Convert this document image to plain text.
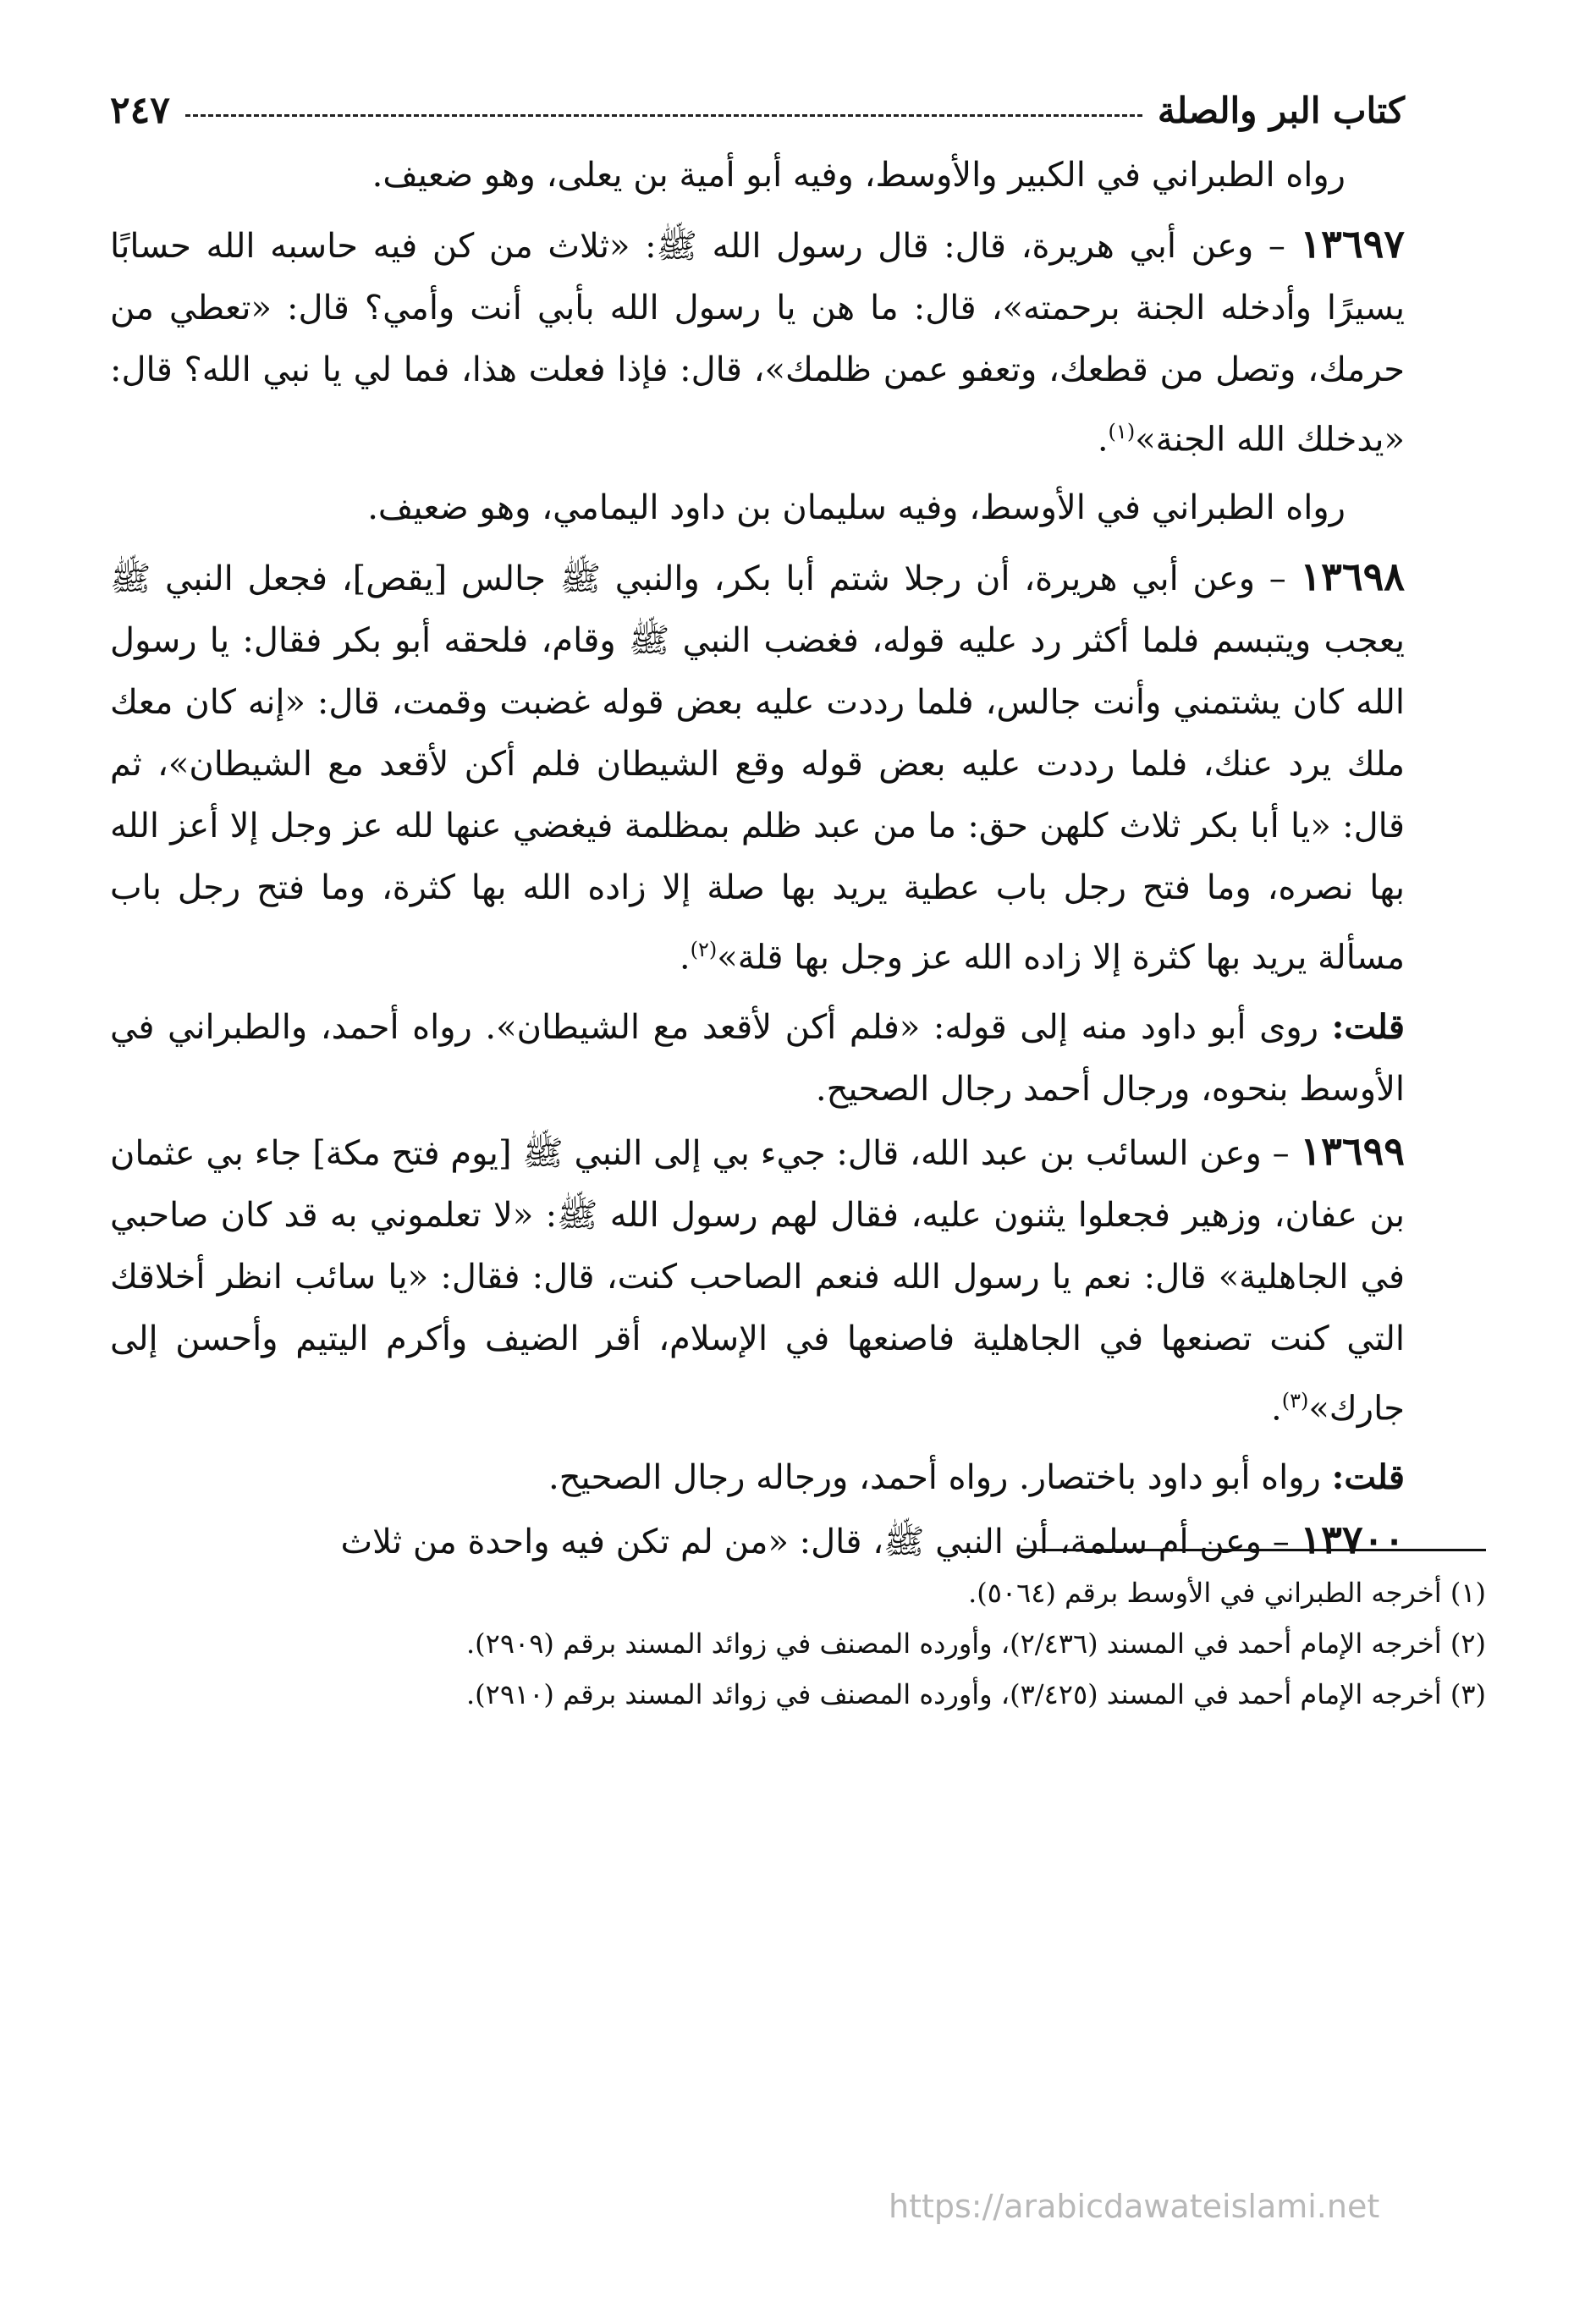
كتاب البر والصلة
٢٤٧

رواه الطبراني في الكبير والأوسط، وفيه أبو أمية بن يعلى، وهو ضعيف.

١٣٦٩٧ – وعن أبي هريرة، قال: قال رسول الله ﷺ: «ثلاث من كن فيه حاسبه الله حسابًا يسيرًا وأدخله الجنة برحمته»، قال: ما هن يا رسول الله بأبي أنت وأمي؟ قال: «تعطي من حرمك، وتصل من قطعك، وتعفو عمن ظلمك»، قال: فإذا فعلت هذا، فما لي يا نبي الله؟ قال: «يدخلك الله الجنة»$^{(١)}$.

رواه الطبراني في الأوسط، وفيه سليمان بن داود اليمامي، وهو ضعيف.

١٣٦٩٨ – وعن أبي هريرة، أن رجلا شتم أبا بكر، والنبي ﷺ جالس [يقص]، فجعل النبي ﷺ يعجب ويتبسم فلما أكثر رد عليه قوله، فغضب النبي ﷺ وقام، فلحقه أبو بكر فقال: يا رسول الله كان يشتمني وأنت جالس، فلما رددت عليه بعض قوله غضبت وقمت، قال: «إنه كان معك ملك يرد عنك، فلما رددت عليه بعض قوله وقع الشيطان فلم أكن لأقعد مع الشيطان»، ثم قال: «يا أبا بكر ثلاث كلهن حق: ما من عبد ظلم بمظلمة فيغضي عنها لله عز وجل إلا أعز الله بها نصره، وما فتح رجل باب عطية يريد بها صلة إلا زاده الله بها كثرة، وما فتح رجل باب مسألة يريد بها كثرة إلا زاده الله عز وجل بها قلة»$^{(٢)}$.

قلت: روى أبو داود منه إلى قوله: «فلم أكن لأقعد مع الشيطان». رواه أحمد، والطبراني في الأوسط بنحوه، ورجال أحمد رجال الصحيح.

١٣٦٩٩ – وعن السائب بن عبد الله، قال: جيء بي إلى النبي ﷺ [يوم فتح مكة] جاء بي عثمان بن عفان، وزهير فجعلوا يثنون عليه، فقال لهم رسول الله ﷺ: «لا تعلموني به قد كان صاحبي في الجاهلية» قال: نعم يا رسول الله فنعم الصاحب كنت، قال: فقال: «يا سائب انظر أخلاقك التي كنت تصنعها في الجاهلية فاصنعها في الإسلام، أقر الضيف وأكرم اليتيم وأحسن إلى جارك»$^{(٣)}$.

قلت: رواه أبو داود باختصار. رواه أحمد، ورجاله رجال الصحيح.

١٣٧٠٠ – وعن أم سلمة، أن النبي ﷺ، قال: «من لم تكن فيه واحدة من ثلاث

(١) أخرجه الطبراني في الأوسط برقم (٥٠٦٤).
(٢) أخرجه الإمام أحمد في المسند (٢/٤٣٦)، وأورده المصنف في زوائد المسند برقم (٢٩٠٩).
(٣) أخرجه الإمام أحمد في المسند (٣/٤٢٥)، وأورده المصنف في زوائد المسند برقم (٢٩١٠).
https://arabicdawateislami.net
